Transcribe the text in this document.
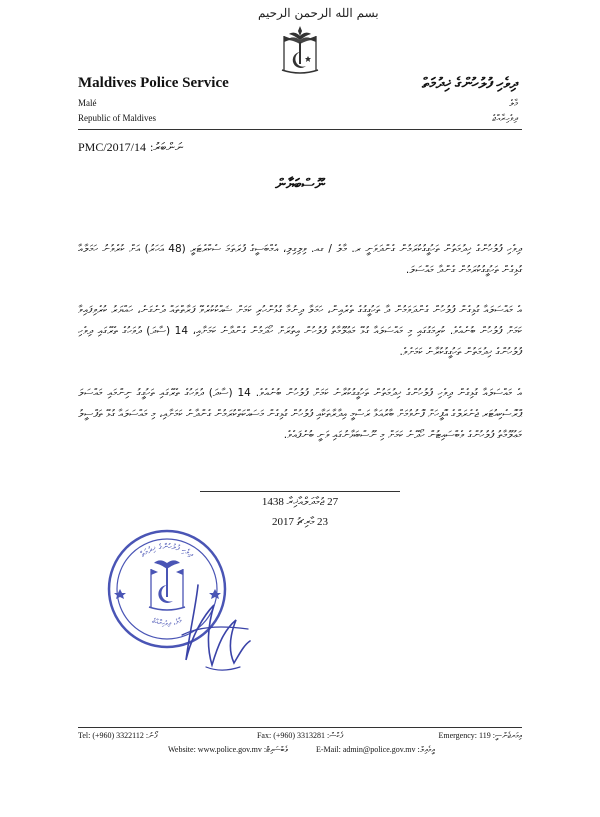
بسم الله الرحمن الرحيم

Maldives Police Service

Malé

Republic of Maldives

ދިވެހި ފުލުހުންގެ ޚިދުމަތް

މާލެ

ދިވެހިރާއްޖެ

PMC/2017/14 ނަންބަރު:

ނޫސްބަޔާން

ދިވެހި ފުލުހުންގެ ޚިދުމަތުން ތަހުގީގުކުރަމުން ގެންދަވަނީ ރ. މާލެ / ގއ. ވިލިގިލި، އެމްބަސީގެ ފުރަތަމަ ސެކްރެޓަރީ (48 އަހަރު) އަށް ކުރެވުނު ހަމަލާއާ ގުޅިގެން ތަހުގީގުކުރަމުން ގެންދާ މައްސަލަ.

އެ މައްސަލައާ ގުޅިގެން ފުލުހުން ގެންދަވަމުން ދާ ތަހުގީގުގެ ތެރެއިން، ހަމަލާ ދިނުމާ ގުޅުންހުރި ކަމަށް ޝައްކުކުރެވޭ ފަރާތްތައް ދެނެގަނެ، ހައްޔަރު ކުރެވިފައިވާ ކަމަށް ފުލުހުން ބުނެއެވެ. ކުރިމަގުގައި މި މައްސަލައާ ގުޅޭ މަޢުލޫމާތު ފުލުހުން އިތުރަށް ހޯދަމުން ގެންދާނެ ކަމަށާއި، 14 (ސާދަ) ދުވަހުގެ ތެރޭގައި ދިވެހި ފުލުހުންގެ ޚިދުމަތުން ތަހުގީގުކުރާނެ ކަމަށެވެ.

އެ މައްސަލައާ ގުޅިގެން ދިވެހި ފުލުހުންގެ ޚިދުމަތުން ތަހުގީގުކުރާނެ ކަމަށް ފުލުހުން ބުނެއެވެ. 14 (ސާދަ) ދުވަހުގެ ތެރޭގައި ތަހުގީގު ނިންމައި މައްސަލަ ޕްރޮސެކިއުޓަރ ޖެނެރަލްގެ އޮފީހަށް ފޮނުވުމަށް ބާރުއަޅާ ރަސްމީ އިދާރާތަކާއި ފުލުހުން ގުޅިގެން މަސައްކަތްކުރަމުން ގެންދާނެ ކަމަށާއި، މި މައްސަލައާ ގުޅޭ ތަފްސީލު މަޢުލޫމާތު ފުލުހުންގެ ވެބްސައިޓުން ހޯދޭނެ ކަމަށް މި ނޫސްބަޔާނުގައި ވަނީ ބުނެފައެވެ.

27 ޖުމާދަލްއާޚިރާ 1438

23 މާރިޗު 2017

ދިވެހި ފުލުހުންގެ ޚިދުމަތް
މާލެ، ދިވެހިރާއްޖެ

Tel: (+960) 3322112 :ފޯނު	Fax: (+960) 3313281 :ފެކްސް	Emergency: 119 :އިމަރޖެންސީ

Website: www.police.gov.mv :ވެބްސައިޓް	E-Mail: admin@police.gov.mv :އީމެއިލް
